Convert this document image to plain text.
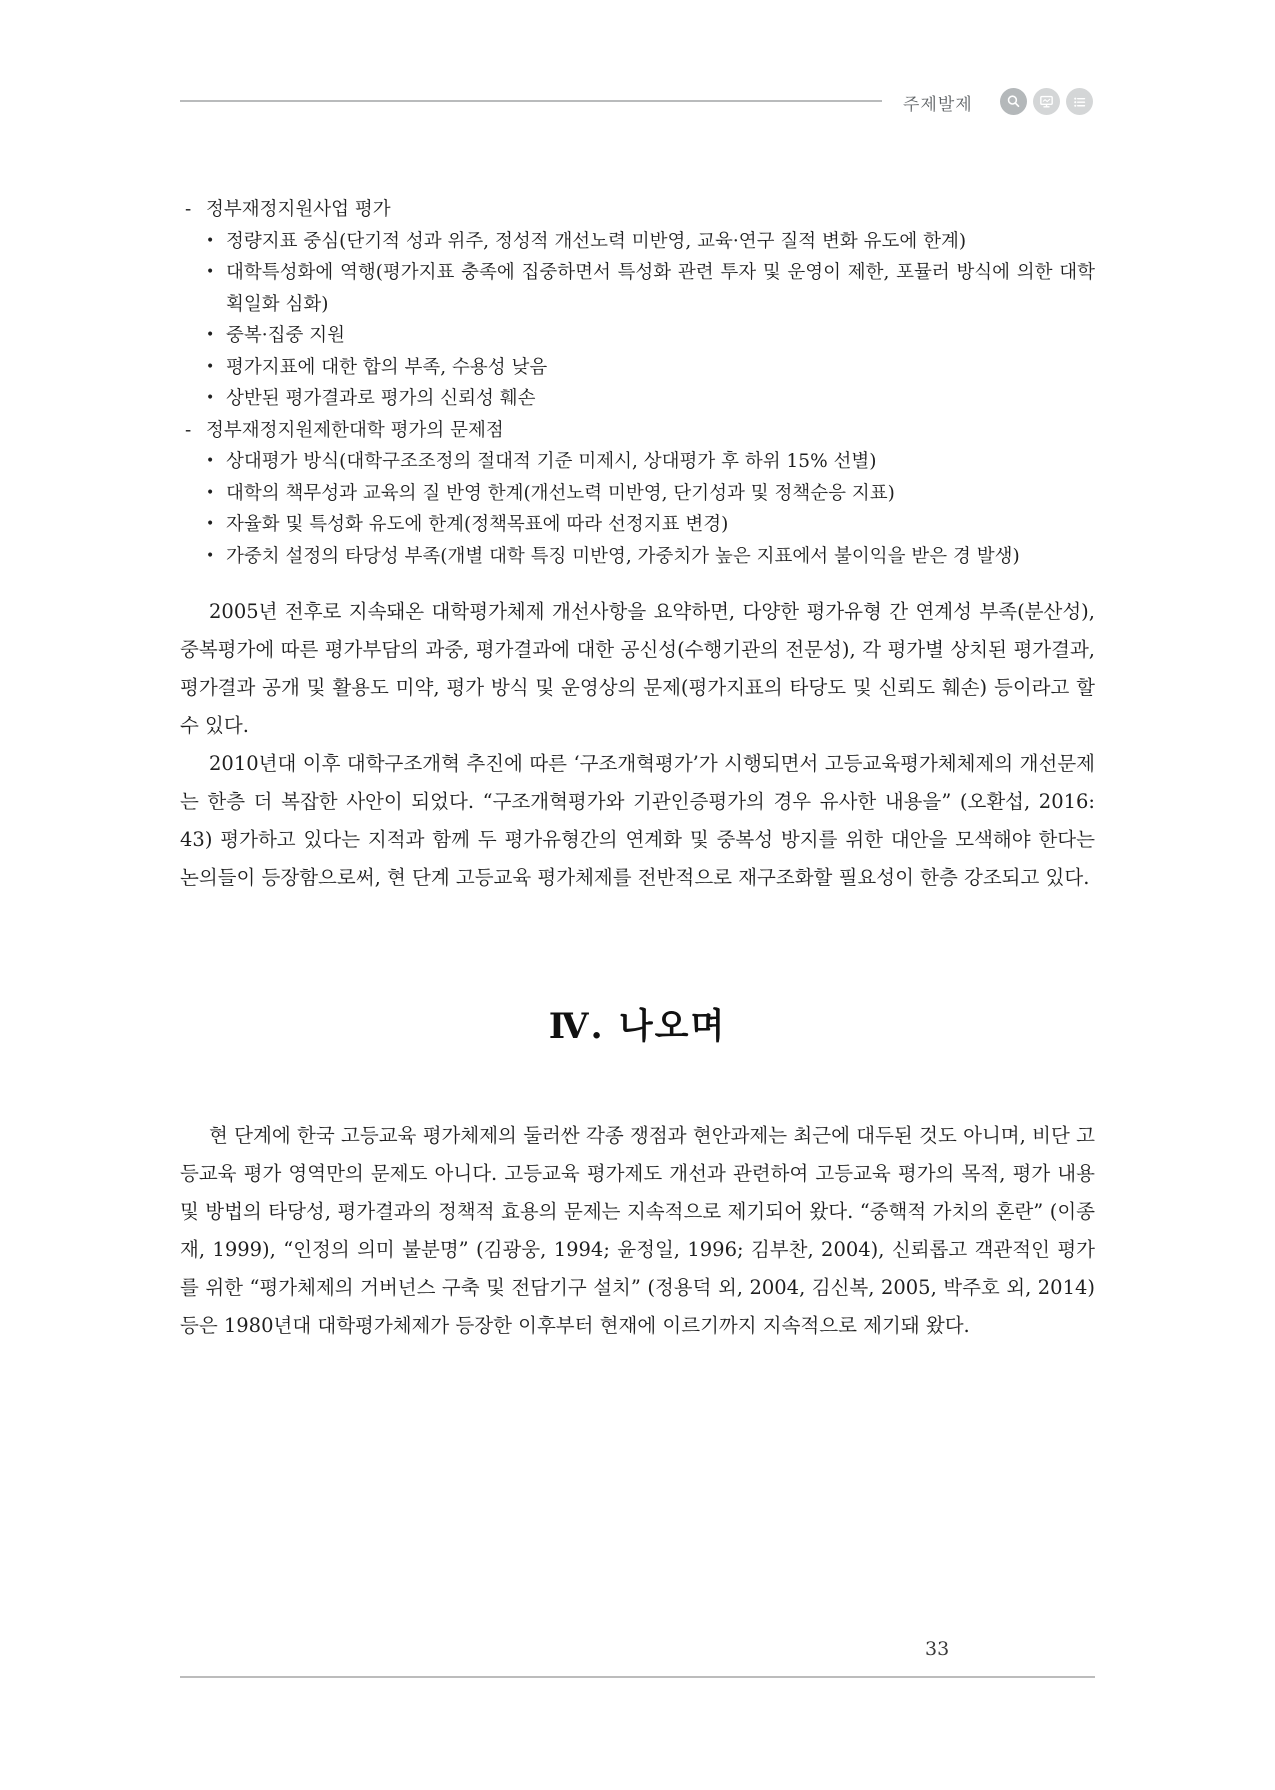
주제발제
- 정부재정지원사업 평가
• 정량지표 중심(단기적 성과 위주, 정성적 개선노력 미반영, 교육·연구 질적 변화 유도에 한계)
• 대학특성화에 역행(평가지표 충족에 집중하면서 특성화 관련 투자 및 운영이 제한, 포뮬러 방식에 의한 대학 획일화 심화)
• 중복·집중 지원
• 평가지표에 대한 합의 부족, 수용성 낮음
• 상반된 평가결과로 평가의 신뢰성 훼손
- 정부재정지원제한대학 평가의 문제점
• 상대평가 방식(대학구조조정의 절대적 기준 미제시, 상대평가 후 하위 15% 선별)
• 대학의 책무성과 교육의 질 반영 한계(개선노력 미반영, 단기성과 및 정책순응 지표)
• 자율화 및 특성화 유도에 한계(정책목표에 따라 선정지표 변경)
• 가중치 설정의 타당성 부족(개별 대학 특징 미반영, 가중치가 높은 지표에서 불이익을 받은 경 발생)

2005년 전후로 지속돼온 대학평가체제 개선사항을 요약하면, 다양한 평가유형 간 연계성 부족(분산성), 중복평가에 따른 평가부담의 과중, 평가결과에 대한 공신성(수행기관의 전문성), 각 평가별 상치된 평가결과, 평가결과 공개 및 활용도 미약, 평가 방식 및 운영상의 문제(평가지표의 타당도 및 신뢰도 훼손) 등이라고 할 수 있다.

2010년대 이후 대학구조개혁 추진에 따른 ‘구조개혁평가’가 시행되면서 고등교육평가체체제의 개선문제는 한층 더 복잡한 사안이 되었다. “구조개혁평가와 기관인증평가의 경우 유사한 내용을” (오환섭, 2016: 43) 평가하고 있다는 지적과 함께 두 평가유형간의 연계화 및 중복성 방지를 위한 대안을 모색해야 한다는 논의들이 등장함으로써, 현 단계 고등교육 평가체제를 전반적으로 재구조화할 필요성이 한층 강조되고 있다.

Ⅳ. 나오며

현 단계에 한국 고등교육 평가체제의 둘러싼 각종 쟁점과 현안과제는 최근에 대두된 것도 아니며, 비단 고등교육 평가 영역만의 문제도 아니다. 고등교육 평가제도 개선과 관련하여 고등교육 평가의 목적, 평가 내용 및 방법의 타당성, 평가결과의 정책적 효용의 문제는 지속적으로 제기되어 왔다. “중핵적 가치의 혼란” (이종재, 1999), “인정의 의미 불분명” (김광웅, 1994; 윤정일, 1996; 김부찬, 2004), 신뢰롭고 객관적인 평가를 위한 “평가체제의 거버넌스 구축 및 전담기구 설치” (정용덕 외, 2004, 김신복, 2005, 박주호 외, 2014) 등은 1980년대 대학평가체제가 등장한 이후부터 현재에 이르기까지 지속적으로 제기돼 왔다.

33
